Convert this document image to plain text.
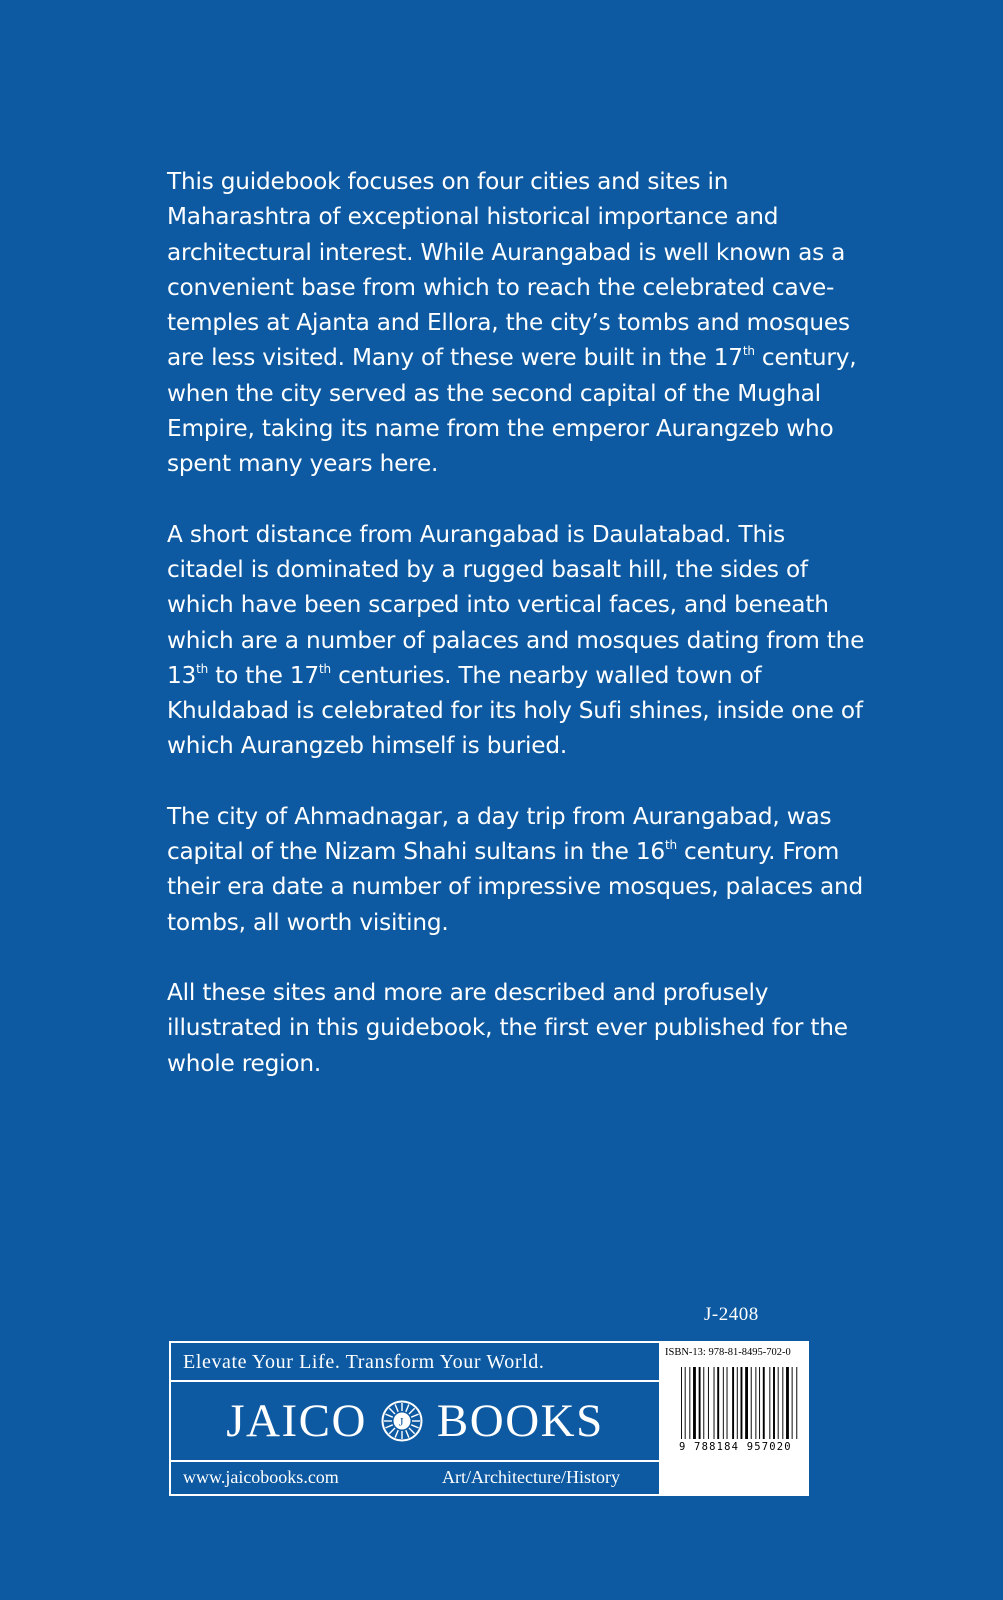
This guidebook focuses on four cities and sites in Maharashtra of exceptional historical importance and architectural interest. While Aurangabad is well known as a convenient base from which to reach the celebrated cave-temples at Ajanta and Ellora, the city’s tombs and mosques are less visited. Many of these were built in the 17th century, when the city served as the second capital of the Mughal Empire, taking its name from the emperor Aurangzeb who spent many years here.

A short distance from Aurangabad is Daulatabad. This citadel is dominated by a rugged basalt hill, the sides of which have been scarped into vertical faces, and beneath which are a number of palaces and mosques dating from the 13th to the 17th centuries. The nearby walled town of Khuldabad is celebrated for its holy Sufi shines, inside one of which Aurangzeb himself is buried.

The city of Ahmadnagar, a day trip from Aurangabad, was capital of the Nizam Shahi sultans in the 16th century. From their era date a number of impressive mosques, palaces and tombs, all worth visiting.

All these sites and more are described and profusely illustrated in this guidebook, the first ever published for the whole region.

J-2408
Elevate Your Life. Transform Your World.
JAICO	J BOOKS
www.jaicobooks.com	Art/Architecture/History
ISBN-13: 978-81-8495-702-0
9 788184 957020
